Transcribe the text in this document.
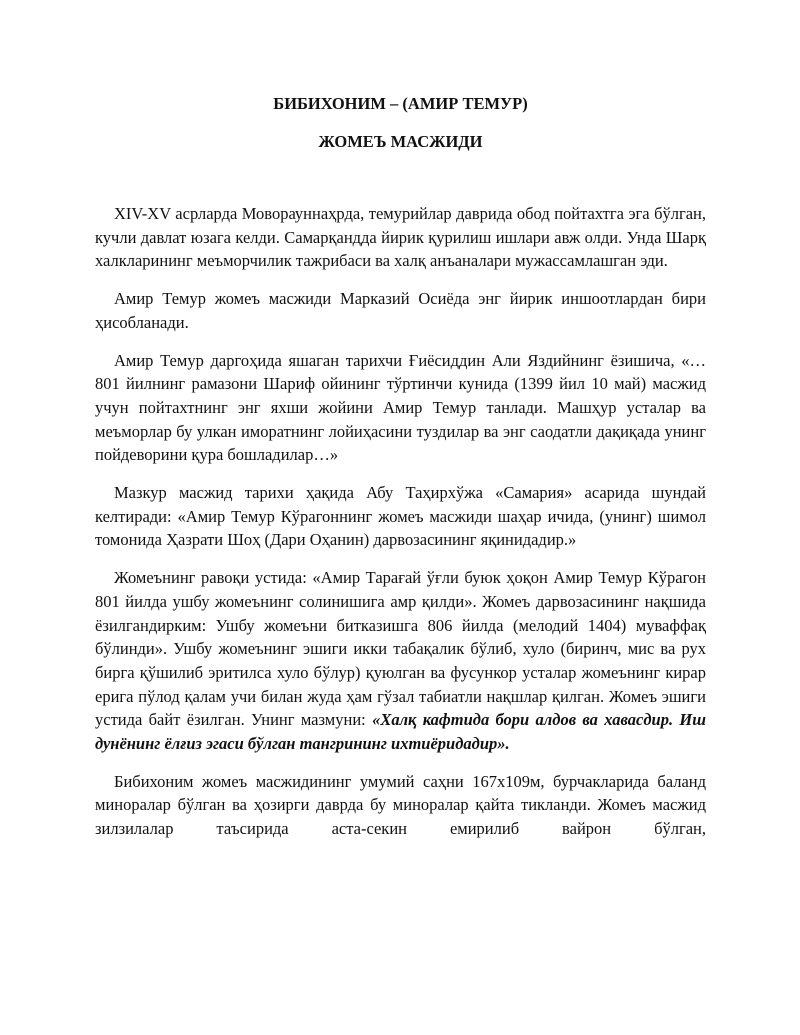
БИБИХОНИМ – (АМИР ТЕМУР)
ЖОМЕЪ МАСЖИДИ

XIV-XV асрларда Моворауннаҳрда, темурийлар даврида обод пойтахтга эга бўлган, кучли давлат юзага келди. Самарқандда йирик қурилиш ишлари авж олди. Унда Шарқ халкларининг меъморчилик тажрибаси ва халқ анъаналари мужассамлашган эди.

Амир Темур жомеъ масжиди Марказий Осиёда энг йирик иншоотлардан бири ҳисобланади.

Амир Темур даргоҳида яшаган тарихчи Ғиёсиддин Али Яздийнинг ёзишича, «…801 йилнинг рамазони Шариф ойининг тўртинчи кунида (1399 йил 10 май) масжид учун пойтахтнинг энг яхши жойини Амир Темур танлади. Машҳур усталар ва меъморлар бу улкан иморатнинг лойиҳасини туздилар ва энг саодатли дақиқада унинг пойдеворини қура бошладилар…»

Мазкур масжид тарихи ҳақида Абу Таҳирхўжа «Самария» асарида шундай келтиради: «Амир Темур Кўрагоннинг жомеъ масжиди шаҳар ичида, (унинг) шимол томонида Ҳазрати Шоҳ (Дари Оҳанин) дарвозасининг яқинидадир.»

Жомеънинг равоқи устида: «Амир Тарағай ўғли буюк ҳоқон Амир Темур Кўрагон 801 йилда ушбу жомеънинг солинишига амр қилди». Жомеъ дарвозасининг нақшида ёзилгандирким: Ушбу жомеъни битказишга 806 йилда (мелодий 1404) муваффақ бўлинди». Ушбу жомеънинг эшиги икки табақалик бўлиб, хуло (биринч, мис ва рух бирга қўшилиб эритилса хуло бўлур) қуюлган ва фусункор усталар жомеънинг кирар ерига пўлод қалам учи билан жуда ҳам гўзал табиатли нақшлар қилган. Жомеъ эшиги устида байт ёзилган. Унинг мазмуни: «Халқ кафтида бори алдов ва хавасдир. Иш дунёнинг ёлғиз эгаси бўлган тангрининг ихтиёридадир».

Бибихоним жомеъ масжидининг умумий саҳни 167х109м, бурчакларида баланд миноралар бўлган ва ҳозирги даврда бу миноралар қайта тикланди. Жомеъ масжид зилзилалар таъсирида аста-секин емирилиб вайрон бўлган,
